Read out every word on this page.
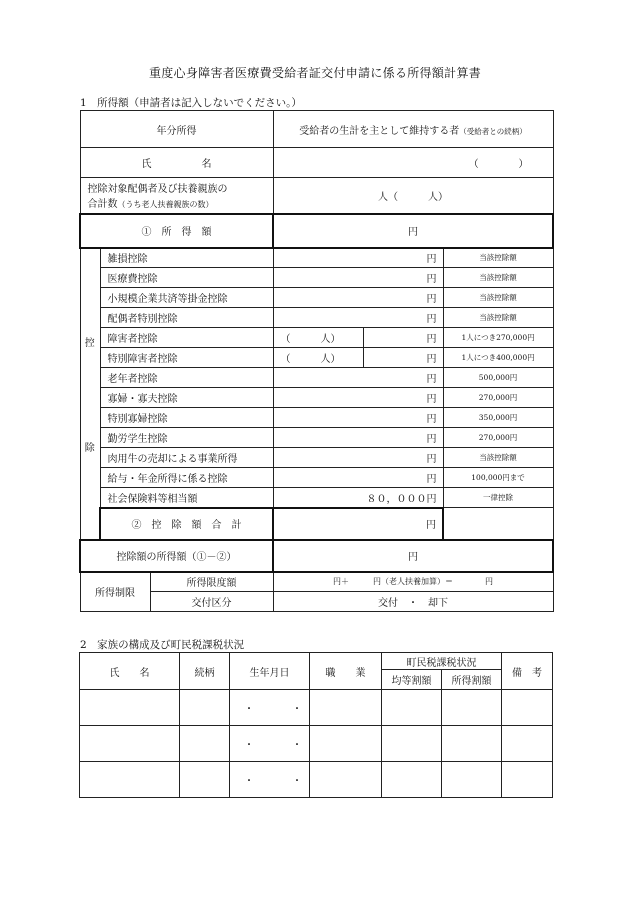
重度心身障害者医療費受給者証交付申請に係る所得額計算書
1　所得額（申請者は記入しないでください。）
年分所得			受給者の生計を主として維持する者（受給者との続柄）		
氏　　　　　名			（　　　　）		

控除対象配偶者及び扶養親族の
合計数（うち老人扶養親族の数）			人（　　　人）		
①　所　得　額			円		

控
除	雑損控除		円		当該控除額
	医療費控除		円		当該控除額
	小規模企業共済等掛金控除		円		当該控除額
	配偶者特別控除		円		当該控除額
	障害者控除		（　　　人）	円	1人につき270,000円
	特別障害者控除		（　　　人）	円	1人につき400,000円
	老年者控除		円		500,000円
	寡婦・寡夫控除		円		270,000円
	特別寡婦控除		円		350,000円
	勤労学生控除		円		270,000円
	肉用牛の売却による事業所得		円		当該控除額
	給与・年金所得に係る控除		円		100,000円まで
	社会保険料等相当額		８０，０００円		一律控除
	②　控　除　額　合　計		円		
控除額の所得額（①－②）			円		
所得制限		所得限度額	円＋　　　円（老人扶養加算）＝　　　　円		
		交付区分	交付　・　却下		
2　家族の構成及び町民税課税状況
氏　　名	続柄	生年月日	職　　業	町民税課税状況		備　考
				均等割額	所得割額	
		・　・				
		・　・				
		・　・				
